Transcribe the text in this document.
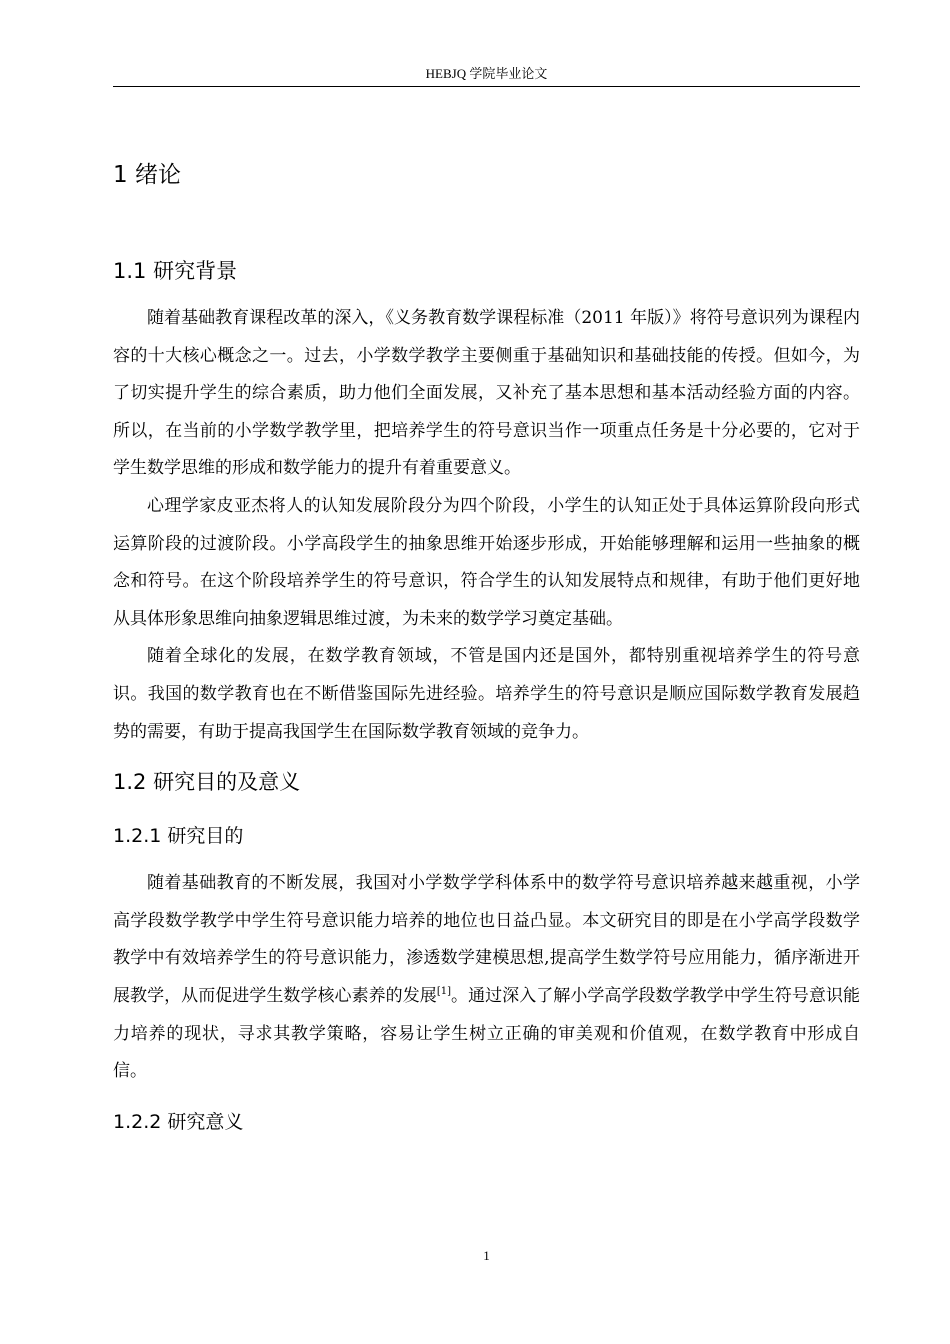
HEBJQ 学院毕业论文
1 绪论
1.1 研究背景

随着基础教育课程改革的深入，《义务教育数学课程标准（2011 年版）》将符号意识列为课程内容的十大核心概念之一。过去，小学数学教学主要侧重于基础知识和基础技能的传授。但如今，为了切实提升学生的综合素质，助力他们全面发展，又补充了基本思想和基本活动经验方面的内容。所以，在当前的小学数学教学里，把培养学生的符号意识当作一项重点任务是十分必要的，它对于学生数学思维的形成和数学能力的提升有着重要意义。

心理学家皮亚杰将人的认知发展阶段分为四个阶段，小学生的认知正处于具体运算阶段向形式运算阶段的过渡阶段。小学高段学生的抽象思维开始逐步形成，开始能够理解和运用一些抽象的概念和符号。在这个阶段培养学生的符号意识，符合学生的认知发展特点和规律，有助于他们更好地从具体形象思维向抽象逻辑思维过渡，为未来的数学学习奠定基础。

随着全球化的发展，在数学教育领域，不管是国内还是国外，都特别重视培养学生的符号意识。我国的数学教育也在不断借鉴国际先进经验。培养学生的符号意识是顺应国际数学教育发展趋势的需要，有助于提高我国学生在国际数学教育领域的竞争力。

1.2 研究目的及意义
1.2.1 研究目的

随着基础教育的不断发展，我国对小学数学学科体系中的数学符号意识培养越来越重视，小学高学段数学教学中学生符号意识能力培养的地位也日益凸显。本文研究目的即是在小学高学段数学教学中有效培养学生的符号意识能力，渗透数学建模思想,提高学生数学符号应用能力，循序渐进开展教学，从而促进学生数学核心素养的发展[1]。通过深入了解小学高学段数学教学中学生符号意识能力培养的现状，寻求其教学策略，容易让学生树立正确的审美观和价值观，在数学教育中形成自信。

1.2.2 研究意义
1
